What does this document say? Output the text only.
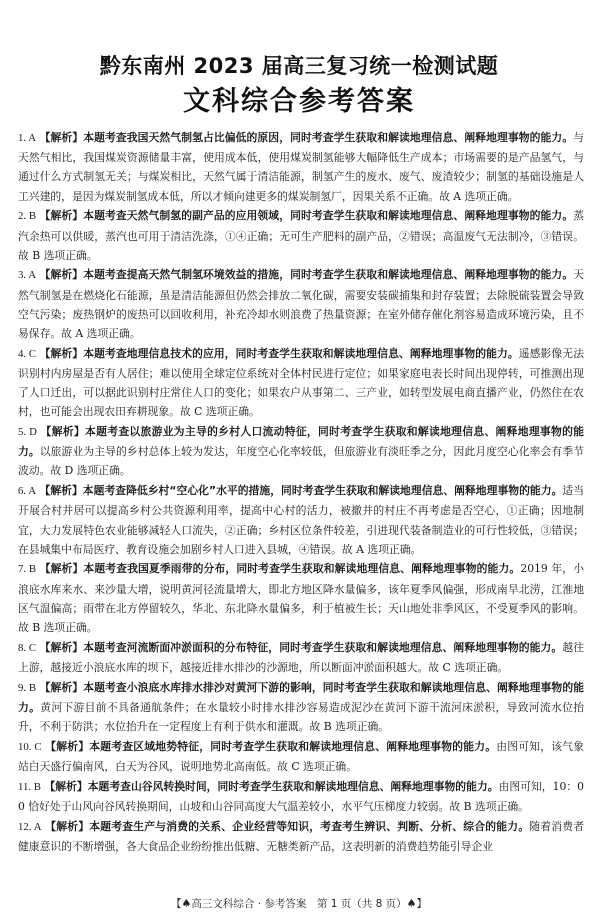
黔东南州 2023 届高三复习统一检测试题
文科综合参考答案
1. A 【解析】本题考查我国天然气制氢占比偏低的原因，同时考查学生获取和解读地理信息、阐释地理事物的能力。与天然气相比，我国煤炭资源储量丰富，使用成本低，使用煤炭制氢能够大幅降低生产成本；市场需要的是产品氢气，与通过什么方式制氢无关；与煤炭相比，天然气属于清洁能源，制氢产生的废水、废气、废渣较少；制氢的基础设施是人工兴建的，是因为煤炭制氢成本低，所以才倾向建更多的煤炭制氢厂，因果关系不正确。故 A 选项正确。
2. B 【解析】本题考查天然气制氢的副产品的应用领域，同时考查学生获取和解读地理信息、阐释地理事物的能力。蒸汽余热可以供暖，蒸汽也可用于清洁洗涤，①④正确；无可生产肥料的副产品，②错误；高温废气无法制冷，③错误。故 B 选项正确。
3. A 【解析】本题考查提高天然气制氢环境效益的措施，同时考查学生获取和解读地理信息、阐释地理事物的能力。天然气制氢是在燃烧化石能源，虽是清洁能源但仍然会排放二氧化碳，需要安装碳捕集和封存装置；去除脱硫装置会导致空气污染；废热钢炉的废热可以回收利用，补充冷却水则浪费了热量资源；在室外储存催化剂容易造成环境污染，且不易保存。故 A 选项正确。
4. C 【解析】本题考查地理信息技术的应用，同时考查学生获取和解读地理信息、阐释地理事物的能力。遥感影像无法识别村内房屋是否有人居住；难以使用全球定位系统对全体村民进行定位；如果家庭电表长时间出现停转，可推测出现了人口迁出，可以据此识别村庄常住人口的变化；如果农户从事第二、三产业，如转型发展电商直播产业，仍然住在农村，也可能会出现农田弃耕现象。故 C 选项正确。
5. D 【解析】本题考查以旅游业为主导的乡村人口流动特征，同时考查学生获取和解读地理信息、阐释地理事物的能力。以旅游业为主导的乡村总体上较为发达，年度空心化率较低，但旅游业有淡旺季之分，因此月度空心化率会有季节波动。故 D 选项正确。
6. A 【解析】本题考查降低乡村“空心化”水平的措施，同时考查学生获取和解读地理信息、阐释地理事物的能力。适当开展合村并居可以提高乡村公共资源利用率，提高中心村的活力，被撤并的村庄不再考虑是否空心，①正确；因地制宜，大力发展特色农业能够减轻人口流失，②正确；乡村区位条件较差，引进现代装备制造业的可行性较低，③错误；在县城集中布局医疗、教育设施会加剧乡村人口进入县城，④错误。故 A 选项正确。
7. B 【解析】本题考查我国夏季雨带的分布，同时考查学生获取和解读地理信息、阐释地理事物的能力。2019 年，小浪底水库来水、来沙量大增，说明黄河径流量增大，即北方地区降水量偏多，该年夏季风偏强，形成南旱北涝，江淮地区气温偏高；雨带在北方停留较久，华北、东北降水量偏多，利于植被生长；天山地处非季风区，不受夏季风的影响。故 B 选项正确。
8. C 【解析】本题考查河流断面冲淤面积的分布特征，同时考查学生获取和解读地理信息、阐释地理事物的能力。越往上游，越接近小浪底水库的坝下，越接近排水排沙的沙源地，所以断面冲淤面积越大。故 C 选项正确。
9. B 【解析】本题考查小浪底水库排水排沙对黄河下游的影响，同时考查学生获取和解读地理信息、阐释地理事物的能力。黄河下游目前不具备通航条件；在水量较小时排水排沙容易造成泥沙在黄河下游干流河床淤积，导致河流水位抬升，不利于防洪；水位抬升在一定程度上有利于供水和灌溉。故 B 选项正确。
10. C 【解析】本题考查区域地势特征，同时考查学生获取和解读地理信息、阐释地理事物的能力。由图可知，该气象站白天盛行偏南风，白天为谷风，说明地势北高南低。故 C 选项正确。
11. B 【解析】本题考查山谷风转换时间，同时考查学生获取和解读地理信息、阐释地理事物的能力。由图可知，10：00 恰好处于山风向谷风转换期间，山坡和山谷同高度大气温差较小，水平气压梯度力较弱。故 B 选项正确。
12. A 【解析】本题考查生产与消费的关系、企业经营等知识，考查考生辨识、判断、分析、综合的能力。随着消费者健康意识的不断增强，各大食品企业纷纷推出低糖、无糖类新产品，这表明新的消费趋势能引导企业
【♠高三文科综合 · 参考答案　第 1 页（共 8 页）♠】
